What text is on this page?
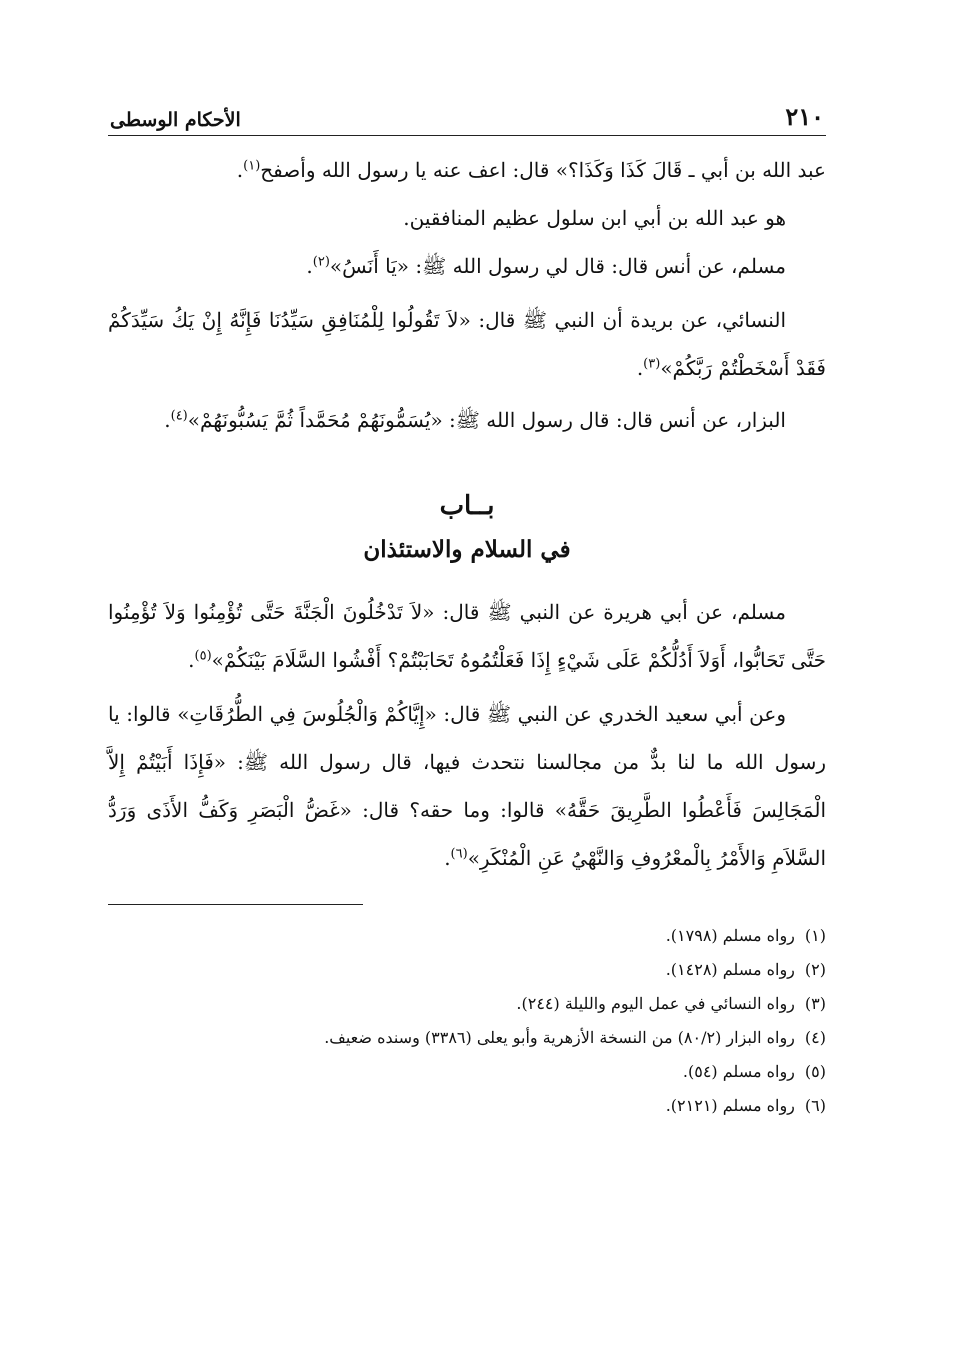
٢١٠
الأحكام الوسطى

عبد الله بن أبي ـ قَالَ كَذَا وَكَذَا؟» قال: اعف عنه يا رسول الله وأصفح$^{(١)}$.

هو عبد الله بن أبي ابن سلول عظيم المنافقين.

مسلم، عن أنس قال: قال لي رسول الله ﷺ: «يَا أَنَسُ»$^{(٢)}$.

النسائي، عن بريدة أن النبي ﷺ قال: «لاَ تَقُولُوا لِلْمُنَافِقِ سَيِّدُنَا فَإِنَّهُ إِنْ يَكُ سَيِّدَكُمْ فَقَدْ أَسْخَطْتُمْ رَبَّكُمْ»$^{(٣)}$.

البزار، عن أنس قال: قال رسول الله ﷺ: «يُسَمُّونَهُمْ مُحَمَّداً ثُمَّ يَسُبُّونَهُمْ»$^{(٤)}$.

بــاب
في السلام والاستئذان

مسلم، عن أبي هريرة عن النبي ﷺ قال: «لاَ تَدْخُلُونَ الْجَنَّةَ حَتَّى تُؤْمِنُوا وَلاَ تُؤْمِنُوا حَتَّى تَحَابُّوا، أَوَلاَ أَدُلُّكُمْ عَلَى شَيْءٍ إِذَا فَعَلْتُمُوهُ تَحَابَبْتُمْ؟ أَفْشُوا السَّلَامَ بَيْنَكُمْ»$^{(٥)}$.

وعن أبي سعيد الخدري عن النبي ﷺ قال: «إِيَّاكُمْ وَالْجُلُوسَ فِي الطُّرُقَاتِ» قالوا: يا رسول الله ما لنا بدٌّ من مجالسنا نتحدث فيها، قال رسول الله ﷺ: «فَإِذَا أَبَيْتُمْ إِلاَّ الْمَجَالِسَ فَأَعْطُوا الطَّرِيقَ حَقَّهُ» قالوا: وما حقه؟ قال: «غَضُّ الْبَصَرِ وَكَفُّ الأَذَى وَرَدُّ السَّلاَمِ وَالأَمْرُ بِالْمعْرُوفِ وَالنَّهْيُ عَنِ الْمُنْكَرِ»$^{(٦)}$.

(١)
رواه مسلم (١٧٩٨).
(٢)
رواه مسلم (١٤٢٨).
(٣)
رواه النسائي في عمل اليوم والليلة (٢٤٤).
(٤)
رواه البزار (٨٠/٢) من النسخة الأزهرية وأبو يعلى (٣٣٨٦) وسنده ضعيف.
(٥)
رواه مسلم (٥٤).
(٦)
رواه مسلم (٢١٢١).
